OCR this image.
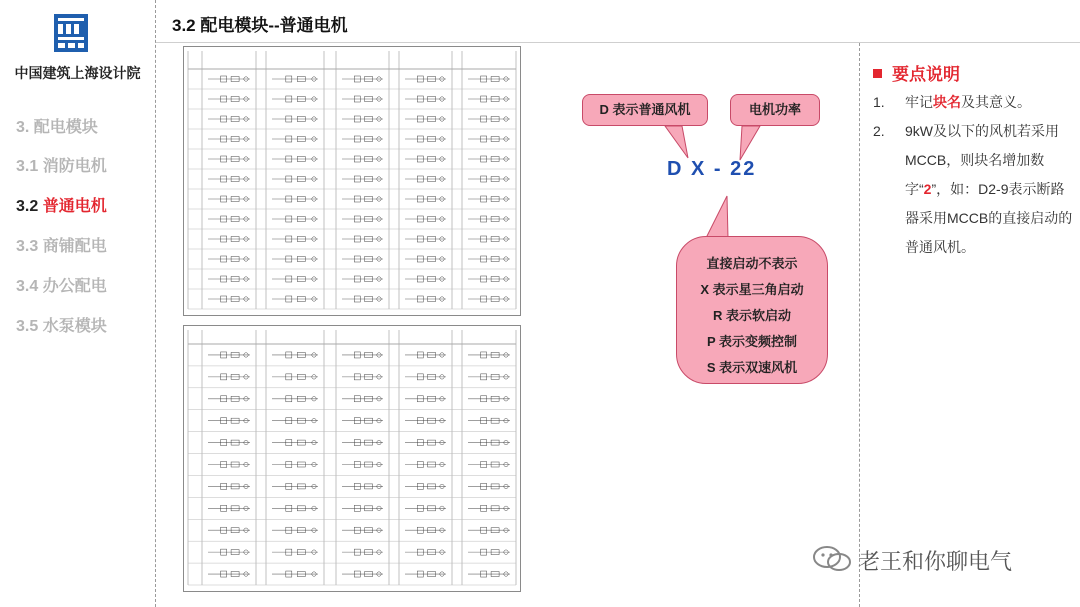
中国建筑上海设计院
3. 配电模块
3.1 消防电机
3.2 普通电机
3.3 商铺配电
3.4 办公配电
3.5 水泵模块
3.2 配电模块--普通电机
D 表示普通风机	电机功率
D X - 22
直接启动不表示
X 表示星三角启动
R 表示软启动
P 表示变频控制
S 表示双速风机
要点说明
1. 牢记块名及其意义。
2. 9kW及以下的风机若采用MCCB，则块名增加数字“2”，如：D2-9表示断路器采用MCCB的直接启动的普通风机。
老王和你聊电气
